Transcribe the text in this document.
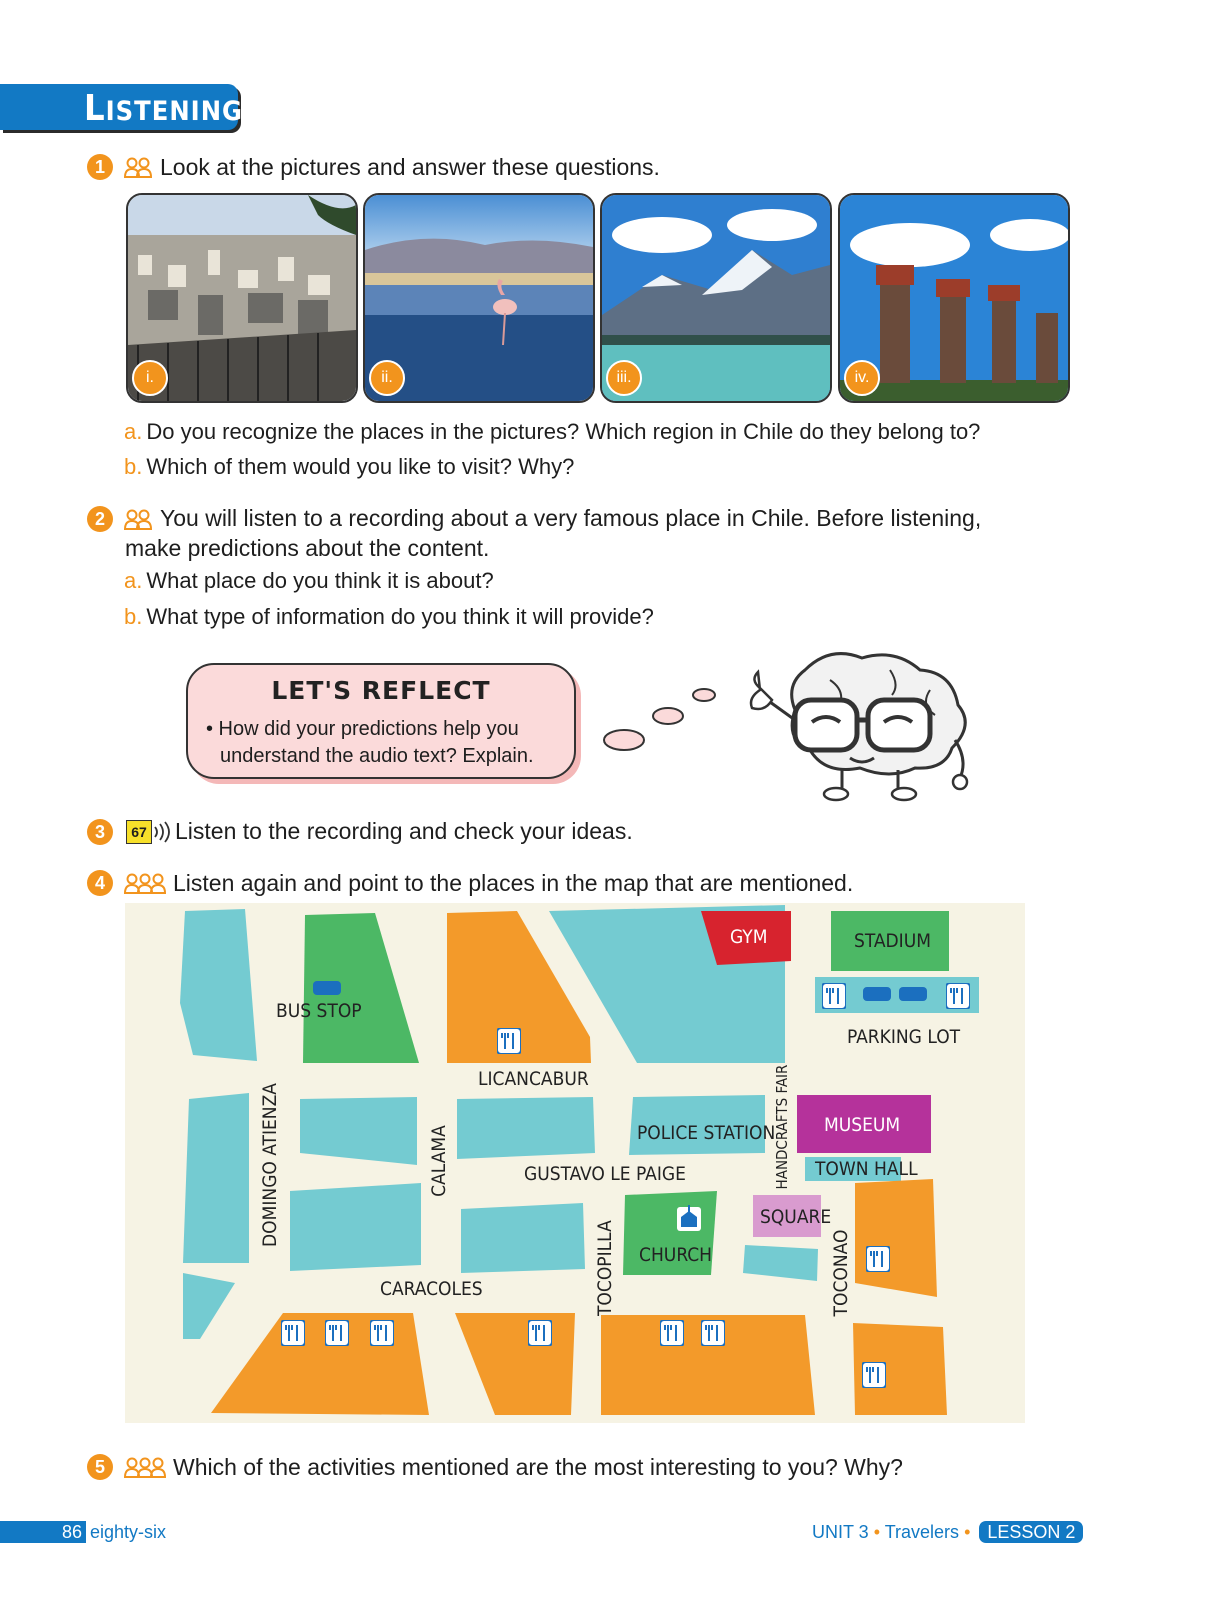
LISTENING
1	Look at the pictures and answer these questions.
i.	ii.	iii.	iv.
a. Do you recognize the places in the pictures? Which region in Chile do they belong to?
b. Which of them would you like to visit? Why?
2	You will listen to a recording about a very famous place in Chile. Before listening,
make predictions about the content.
a. What place do you think it is about?
b. What type of information do you think it will provide?
LET'S REFLECT
• How did your predictions help you
understand the audio text? Explain.
3	67 Listen to the recording and check your ideas.
4	Listen again and point to the places in the map that are mentioned.
GYM	STADIUM
BUS STOP
PARKING LOT
LICANCABUR
POLICE STATION	MUSEUM
TOWN HALL
GUSTAVO LE PAIGE
SQUARE
CHURCH
CARACOLES
DOMINGO ATIENZA	CALAMA
TOCOPILLA	TOCONAO
HANDCRAFTS FAIR
5	Which of the activities mentioned are the most interesting to you? Why?
86 eighty-six	UNIT 3 • Travelers • LESSON 2
